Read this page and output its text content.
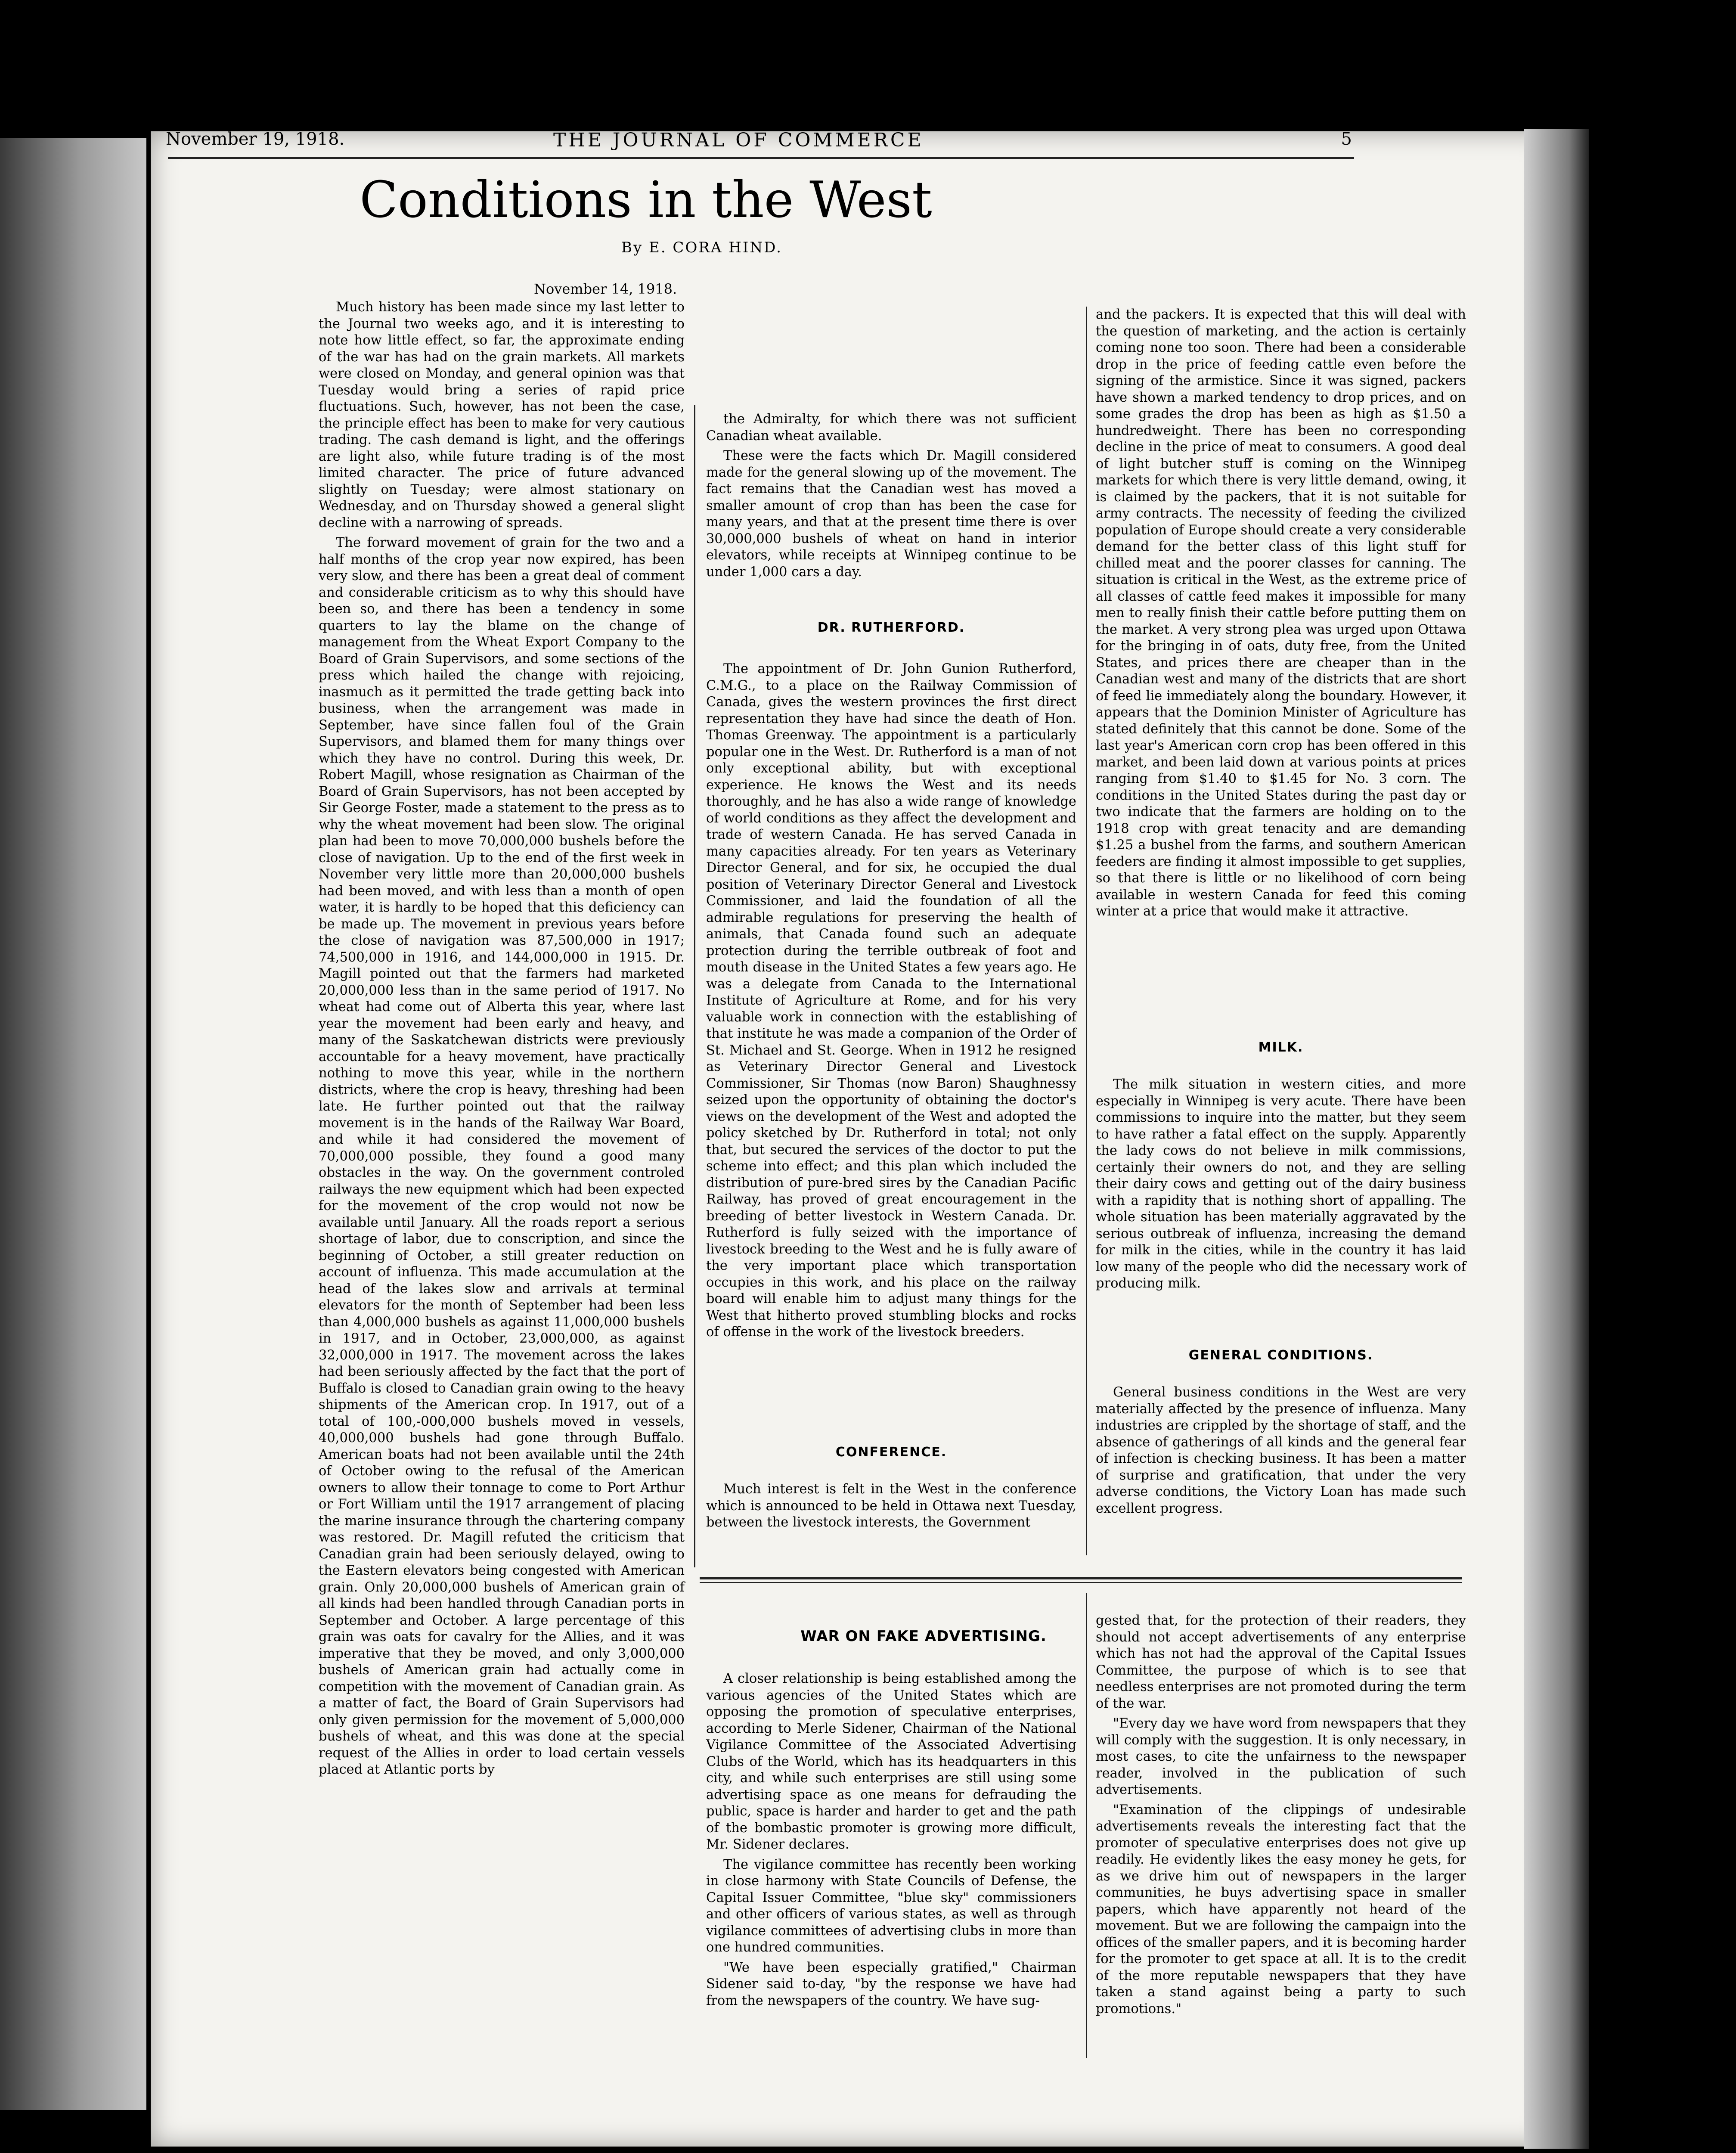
November 19, 1918.	THE JOURNAL OF COMMERCE	5
Conditions in the West
By E. CORA HIND.
November 14, 1918.

Much history has been made since my last letter to the Journal two weeks ago, and it is interesting to note how little effect, so far, the approximate ending of the war has had on the grain markets. All markets were closed on Monday, and general opinion was that Tuesday would bring a series of rapid price fluctuations. Such, however, has not been the case, the principle effect has been to make for very cautious trading. The cash demand is light, and the offerings are light also, while future trading is of the most limited character. The price of future advanced slightly on Tuesday; were almost stationary on Wednesday, and on Thursday showed a general slight decline with a narrowing of spreads.

The forward movement of grain for the two and a half months of the crop year now expired, has been very slow, and there has been a great deal of comment and considerable criticism as to why this should have been so, and there has been a tendency in some quarters to lay the blame on the change of management from the Wheat Export Company to the Board of Grain Supervisors, and some sections of the press which hailed the change with rejoicing, inasmuch as it permitted the trade getting back into business, when the arrangement was made in September, have since fallen foul of the Grain Supervisors, and blamed them for many things over which they have no control. During this week, Dr. Robert Magill, whose resignation as Chairman of the Board of Grain Supervisors, has not been accepted by Sir George Foster, made a statement to the press as to why the wheat movement had been slow. The original plan had been to move 70,000,000 bushels before the close of navigation. Up to the end of the first week in November very little more than 20,000,000 bushels had been moved, and with less than a month of open water, it is hardly to be hoped that this deficiency can be made up. The movement in previous years before the close of navigation was 87,500,000 in 1917; 74,500,000 in 1916, and 144,000,000 in 1915. Dr. Magill pointed out that the farmers had marketed 20,000,000 less than in the same period of 1917. No wheat had come out of Alberta this year, where last year the movement had been early and heavy, and many of the Saskatchewan districts were previously accountable for a heavy movement, have practically nothing to move this year, while in the northern districts, where the crop is heavy, threshing had been late. He further pointed out that the railway movement is in the hands of the Railway War Board, and while it had considered the movement of 70,000,000 possible, they found a good many obstacles in the way. On the government controled railways the new equipment which had been expected for the movement of the crop would not now be available until January. All the roads report a serious shortage of labor, due to conscription, and since the beginning of October, a still greater reduction on account of influenza. This made accumulation at the head of the lakes slow and arrivals at terminal elevators for the month of September had been less than 4,000,000 bushels as against 11,000,000 bushels in 1917, and in October, 23,000,000, as against 32,000,000 in 1917. The movement across the lakes had been seriously affected by the fact that the port of Buffalo is closed to Canadian grain owing to the heavy shipments of the American crop. In 1917, out of a total of 100,-000,000 bushels moved in vessels, 40,000,000 bushels had gone through Buffalo. American boats had not been available until the 24th of October owing to the refusal of the American owners to allow their tonnage to come to Port Arthur or Fort William until the 1917 arrangement of placing the marine insurance through the chartering company was restored. Dr. Magill refuted the criticism that Canadian grain had been seriously delayed, owing to the Eastern elevators being congested with American grain. Only 20,000,000 bushels of American grain of all kinds had been handled through Canadian ports in September and October. A large percentage of this grain was oats for cavalry for the Allies, and it was imperative that they be moved, and only 3,000,000 bushels of American grain had actually come in competition with the movement of Canadian grain. As a matter of fact, the Board of Grain Supervisors had only given permission for the movement of 5,000,000 bushels of wheat, and this was done at the special request of the Allies in order to load certain vessels placed at Atlantic ports by

the Admiralty, for which there was not sufficient Canadian wheat available.

These were the facts which Dr. Magill considered made for the general slowing up of the movement. The fact remains that the Canadian west has moved a smaller amount of crop than has been the case for many years, and that at the present time there is over 30,000,000 bushels of wheat on hand in interior elevators, while receipts at Winnipeg continue to be under 1,000 cars a day.

DR. RUTHERFORD.

The appointment of Dr. John Gunion Rutherford, C.M.G., to a place on the Railway Commission of Canada, gives the western provinces the first direct representation they have had since the death of Hon. Thomas Greenway. The appointment is a particularly popular one in the West. Dr. Rutherford is a man of not only exceptional ability, but with exceptional experience. He knows the West and its needs thoroughly, and he has also a wide range of knowledge of world conditions as they affect the development and trade of western Canada. He has served Canada in many capacities already. For ten years as Veterinary Director General, and for six, he occupied the dual position of Veterinary Director General and Livestock Commissioner, and laid the foundation of all the admirable regulations for preserving the health of animals, that Canada found such an adequate protection during the terrible outbreak of foot and mouth disease in the United States a few years ago. He was a delegate from Canada to the International Institute of Agriculture at Rome, and for his very valuable work in connection with the establishing of that institute he was made a companion of the Order of St. Michael and St. George. When in 1912 he resigned as Veterinary Director General and Livestock Commissioner, Sir Thomas (now Baron) Shaughnessy seized upon the opportunity of obtaining the doctor's views on the development of the West and adopted the policy sketched by Dr. Rutherford in total; not only that, but secured the services of the doctor to put the scheme into effect; and this plan which included the distribution of pure-bred sires by the Canadian Pacific Railway, has proved of great encouragement in the breeding of better livestock in Western Canada. Dr. Rutherford is fully seized with the importance of livestock breeding to the West and he is fully aware of the very important place which transportation occupies in this work, and his place on the railway board will enable him to adjust many things for the West that hitherto proved stumbling blocks and rocks of offense in the work of the livestock breeders.

CONFERENCE.

Much interest is felt in the West in the conference which is announced to be held in Ottawa next Tuesday, between the livestock interests, the Government

and the packers. It is expected that this will deal with the question of marketing, and the action is certainly coming none too soon. There had been a considerable drop in the price of feeding cattle even before the signing of the armistice. Since it was signed, packers have shown a marked tendency to drop prices, and on some grades the drop has been as high as $1.50 a hundredweight. There has been no corresponding decline in the price of meat to consumers. A good deal of light butcher stuff is coming on the Winnipeg markets for which there is very little demand, owing, it is claimed by the packers, that it is not suitable for army contracts. The necessity of feeding the civilized population of Europe should create a very considerable demand for the better class of this light stuff for chilled meat and the poorer classes for canning. The situation is critical in the West, as the extreme price of all classes of cattle feed makes it impossible for many men to really finish their cattle before putting them on the market. A very strong plea was urged upon Ottawa for the bringing in of oats, duty free, from the United States, and prices there are cheaper than in the Canadian west and many of the districts that are short of feed lie immediately along the boundary. However, it appears that the Dominion Minister of Agriculture has stated definitely that this cannot be done. Some of the last year's American corn crop has been offered in this market, and been laid down at various points at prices ranging from $1.40 to $1.45 for No. 3 corn. The conditions in the United States during the past day or two indicate that the farmers are holding on to the 1918 crop with great tenacity and are demanding $1.25 a bushel from the farms, and southern American feeders are finding it almost impossible to get supplies, so that there is little or no likelihood of corn being available in western Canada for feed this coming winter at a price that would make it attractive.

MILK.

The milk situation in western cities, and more especially in Winnipeg is very acute. There have been commissions to inquire into the matter, but they seem to have rather a fatal effect on the supply. Apparently the lady cows do not believe in milk commissions, certainly their owners do not, and they are selling their dairy cows and getting out of the dairy business with a rapidity that is nothing short of appalling. The whole situation has been materially aggravated by the serious outbreak of influenza, increasing the demand for milk in the cities, while in the country it has laid low many of the people who did the necessary work of producing milk.

GENERAL CONDITIONS.

General business conditions in the West are very materially affected by the presence of influenza. Many industries are crippled by the shortage of staff, and the absence of gatherings of all kinds and the general fear of infection is checking business. It has been a matter of surprise and gratification, that under the very adverse conditions, the Victory Loan has made such excellent progress.

WAR ON FAKE ADVERTISING.

A closer relationship is being established among the various agencies of the United States which are opposing the promotion of speculative enterprises, according to Merle Sidener, Chairman of the National Vigilance Committee of the Associated Advertising Clubs of the World, which has its headquarters in this city, and while such enterprises are still using some advertising space as one means for defrauding the public, space is harder and harder to get and the path of the bombastic promoter is growing more difficult, Mr. Sidener declares.

The vigilance committee has recently been working in close harmony with State Councils of Defense, the Capital Issuer Committee, "blue sky" commissioners and other officers of various states, as well as through vigilance committees of advertising clubs in more than one hundred communities.

"We have been especially gratified," Chairman Sidener said to-day, "by the response we have had from the newspapers of the country. We have sug-

gested that, for the protection of their readers, they should not accept advertisements of any enterprise which has not had the approval of the Capital Issues Committee, the purpose of which is to see that needless enterprises are not promoted during the term of the war.

"Every day we have word from newspapers that they will comply with the suggestion. It is only necessary, in most cases, to cite the unfairness to the newspaper reader, involved in the publication of such advertisements.

"Examination of the clippings of undesirable advertisements reveals the interesting fact that the promoter of speculative enterprises does not give up readily. He evidently likes the easy money he gets, for as we drive him out of newspapers in the larger communities, he buys advertising space in smaller papers, which have apparently not heard of the movement. But we are following the campaign into the offices of the smaller papers, and it is becoming harder for the promoter to get space at all. It is to the credit of the more reputable newspapers that they have taken a stand against being a party to such promotions."
